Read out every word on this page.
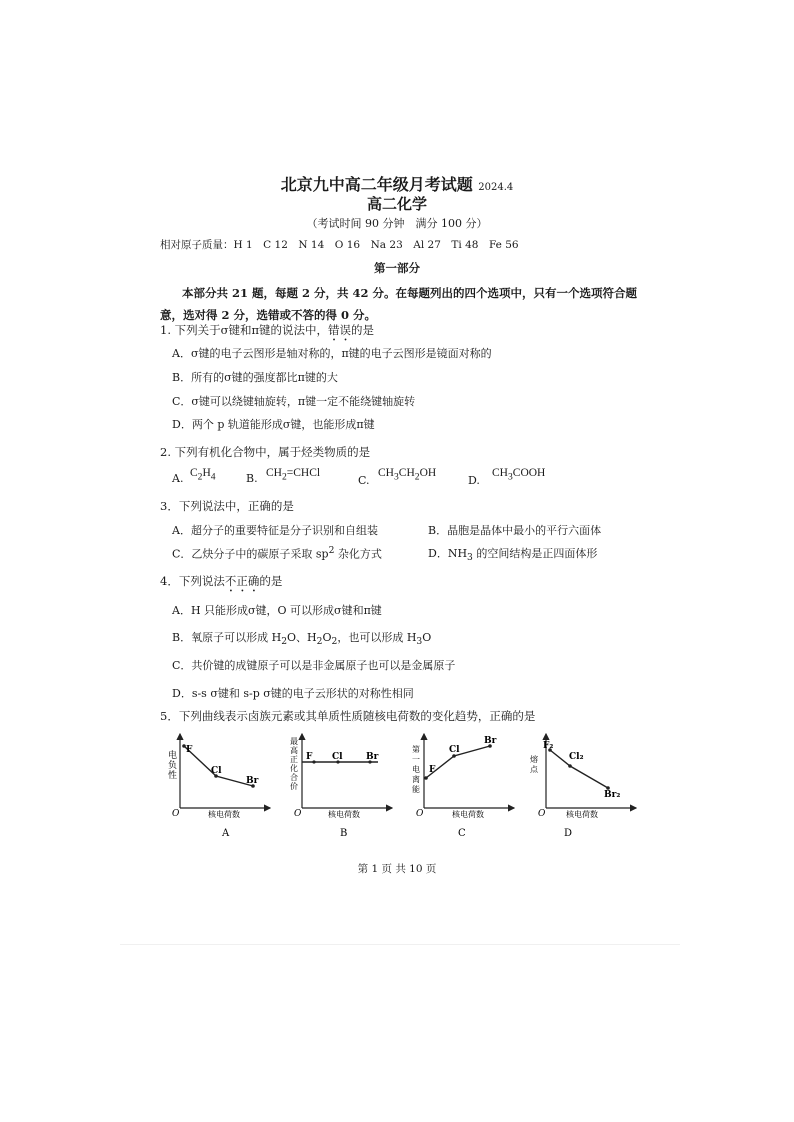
北京九中高二年级月考试题 2024.4
高二化学
（考试时间 90 分钟　满分 100 分）
相对原子质量：H 1　C 12　N 14　O 16　Na 23　Al 27　Ti 48　Fe 56
第一部分
本部分共 21 题，每题 2 分，共 42 分。在每题列出的四个选项中，只有一个选项符合题意，选对得 2 分，选错或不答的得 0 分。
1. 下列关于σ键和π键的说法中，错误的是
A．σ键的电子云图形是轴对称的，π键的电子云图形是镜面对称的
B．所有的σ键的强度都比π键的大
C．σ键可以绕键轴旋转，π键一定不能绕键轴旋转
D．两个 p 轨道能形成σ键，也能形成π键
2. 下列有机化合物中，属于烃类物质的是
A. $C_2H_4$	B. $CH_2=CHCl$
C.
$CH_3CH_2OH$
D.
$CH_3COOH$
3．下列说法中，正确的是
A．超分子的重要特征是分子识别和自组装	B．晶胞是晶体中最小的平行六面体
C．乙炔分子中的碳原子采取 $sp^2$ 杂化方式	D．$NH_3$ 的空间结构是正四面体形
4．下列说法不正确的是
A．H 只能形成σ键，O 可以形成σ键和π键
B．氧原子可以形成 $H_2O$、$H_2O_2$，也可以形成 $H_3O$
C．共价键的成键原子可以是非金属原子也可以是金属原子
D．s-s σ键和 s-p σ键的电子云形状的对称性相同
5．下列曲线表示卤族元素或其单质性质随核电荷数的变化趋势，正确的是
电
负
性
F
Cl
Br
O	核电荷数
A
最
高
正
化
合
价
F Cl	Br
O	核电荷数
B
第
一
电
离
能
F
Cl
Br
O	核电荷数
C
熔
点
F₂
Cl₂
Br₂
O	核电荷数
D
第 1 页 共 10 页
